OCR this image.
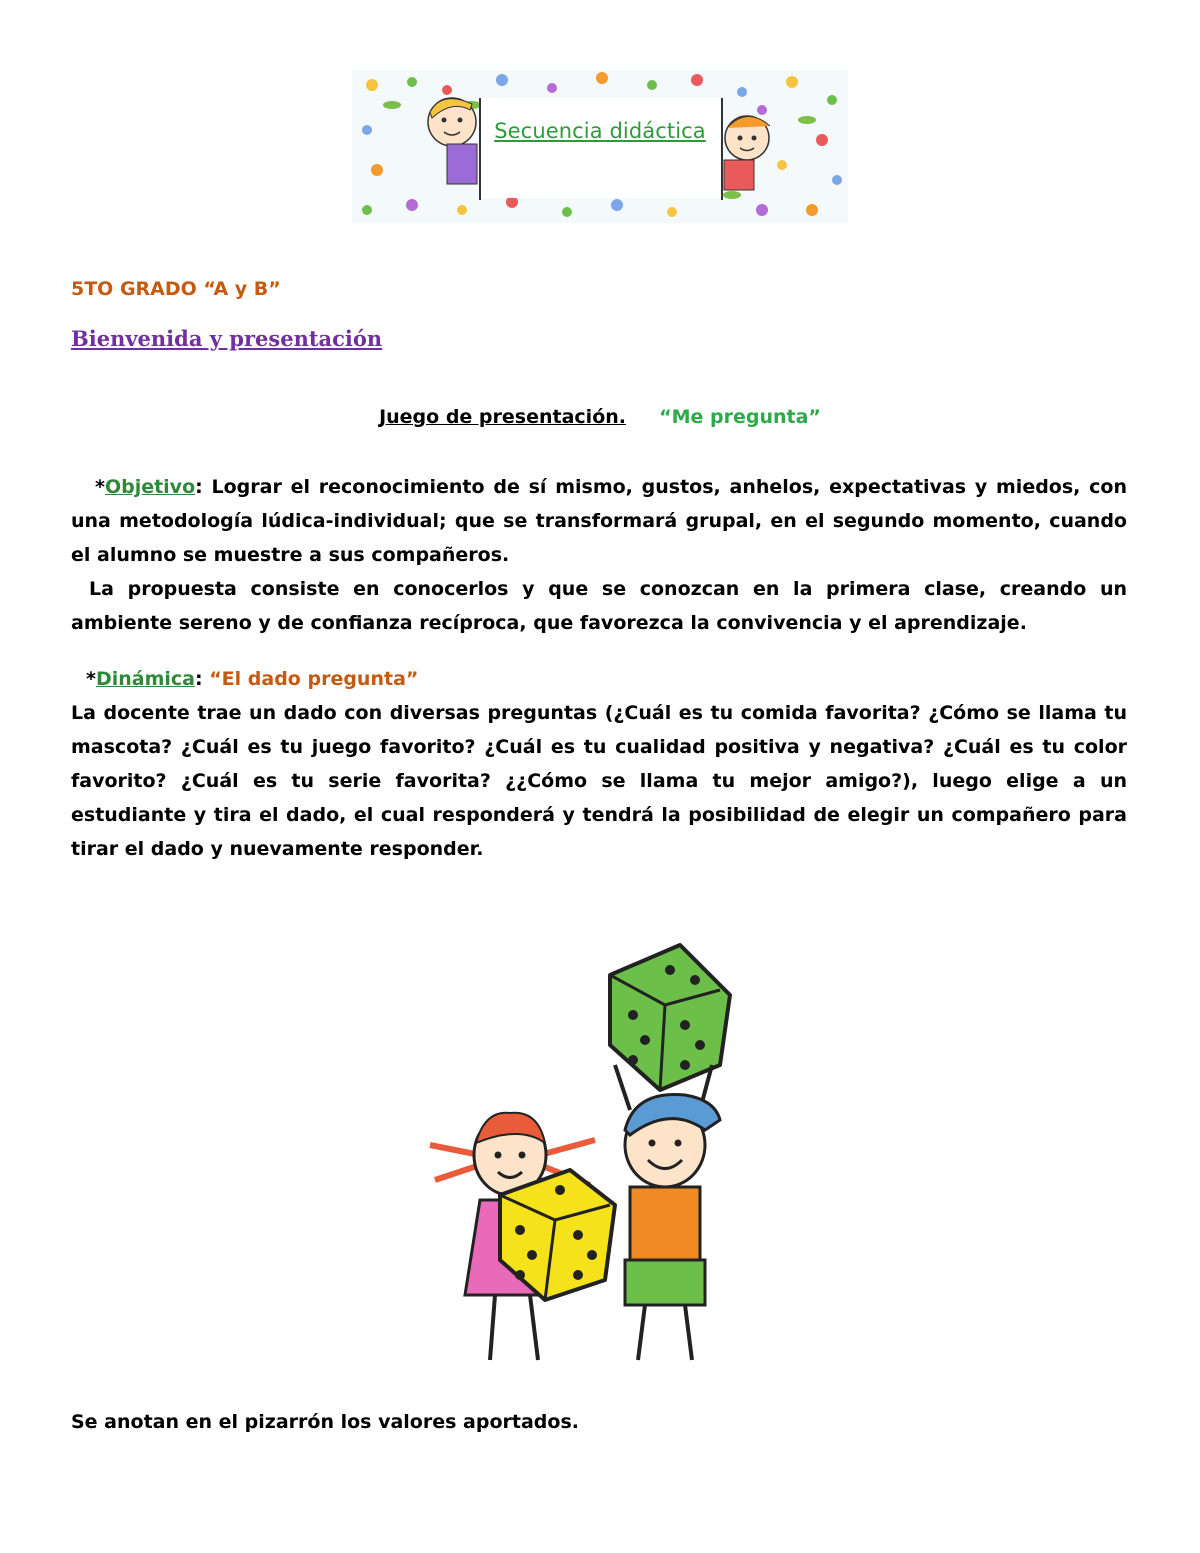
Secuencia didáctica
5TO GRADO “A y B”
Bienvenida y presentación
Juego de presentación. “Me pregunta”

*Objetivo: Lograr el reconocimiento de sí mismo, gustos, anhelos, expectativas y miedos, con una metodología lúdica-individual; que se transformará grupal, en el segundo momento, cuando el alumno se muestre a sus compañeros.

La propuesta consiste en conocerlos y que se conozcan en la primera clase, creando un ambiente sereno y de confianza recíproca, que favorezca la convivencia y el aprendizaje.

*Dinámica: “El dado pregunta”

La docente trae un dado con diversas preguntas (¿Cuál es tu comida favorita? ¿Cómo se llama tu mascota? ¿Cuál es tu juego favorito? ¿Cuál es tu cualidad positiva y negativa? ¿Cuál es tu color favorito? ¿Cuál es tu serie favorita? ¿¿Cómo se llama tu mejor amigo?), luego elige a un estudiante y tira el dado, el cual responderá y tendrá la posibilidad de elegir un compañero para tirar el dado y nuevamente responder.

Se anotan en el pizarrón los valores aportados.
